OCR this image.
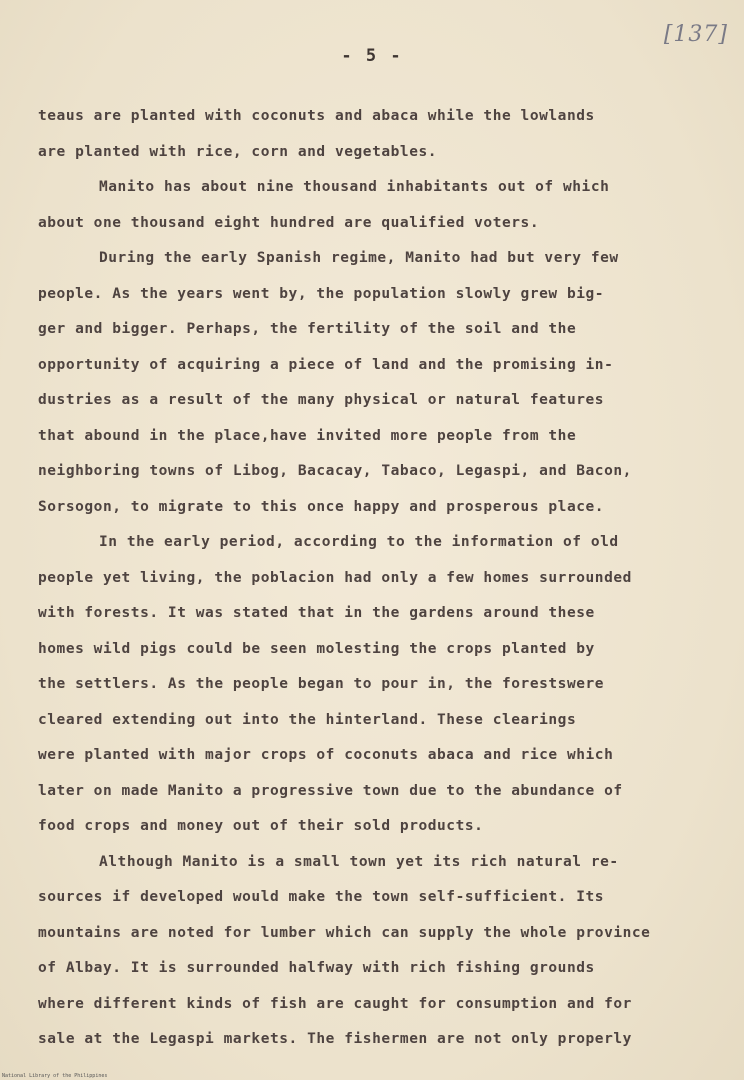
[137]
- 5 -
teaus are planted with coconuts and abaca while the lowlands
are planted with rice, corn and vegetables.
Manito has about nine thousand inhabitants out of which
about one thousand eight hundred are qualified voters.
During the early Spanish regime, Manito had but very few
people. As the years went by, the population slowly grew big-
ger and bigger. Perhaps, the fertility of the soil and the
opportunity of acquiring a piece of land and the promising in-
dustries as a result of the many physical or natural features
that abound in the place,have invited more people from the
neighboring towns of Libog, Bacacay, Tabaco, Legaspi, and Bacon,
Sorsogon, to migrate to this once happy and prosperous place.
In the early period, according to the information of old
people yet living, the poblacion had only a few homes surrounded
with forests. It was stated that in the gardens around these
homes wild pigs could be seen molesting the crops planted by
the settlers. As the people began to pour in, the forestswere
cleared extending out into the hinterland. These clearings
were planted with major crops of coconuts abaca and rice which
later on made Manito a progressive town due to the abundance of
food crops and money out of their sold products.
Although Manito is a small town yet its rich natural re-
sources if developed would make the town self-sufficient. Its
mountains are noted for lumber which can supply the whole province
of Albay. It is surrounded halfway with rich fishing grounds
where different kinds of fish are caught for consumption and for
sale at the Legaspi markets. The fishermen are not only properly
National Library of the Philippines
